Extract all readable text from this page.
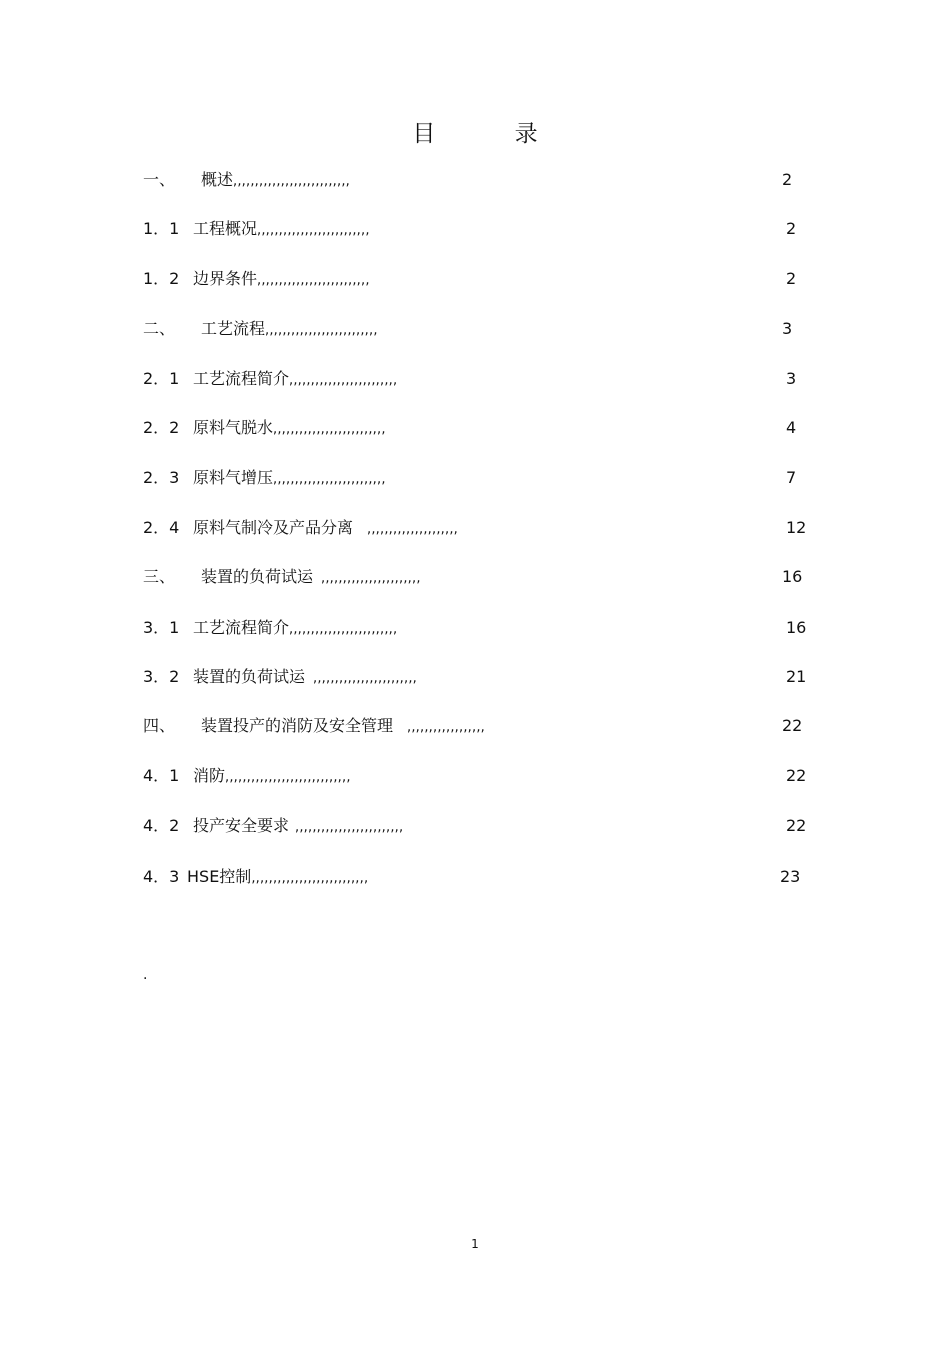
目 录
一、 概述,,,,,,,,,,,,,,,,,,,,,,,,,,,	2
1．1 工程概况,,,,,,,,,,,,,,,,,,,,,,,,,,	2
1．2 边界条件,,,,,,,,,,,,,,,,,,,,,,,,,,	2
二、 工艺流程,,,,,,,,,,,,,,,,,,,,,,,,,,	3
2．1 工艺流程简介,,,,,,,,,,,,,,,,,,,,,,,,,	3
2．2 原料气脱水,,,,,,,,,,,,,,,,,,,,,,,,,,	4
2．3 原料气增压,,,,,,,,,,,,,,,,,,,,,,,,,,	7
2．4 原料气制冷及产品分离 ,,,,,,,,,,,,,,,,,,,,,	12
三、 装置的负荷试运 ,,,,,,,,,,,,,,,,,,,,,,,	16
3．1 工艺流程简介,,,,,,,,,,,,,,,,,,,,,,,,,	16
3．2 装置的负荷试运 ,,,,,,,,,,,,,,,,,,,,,,,,	21
四、 装置投产的消防及安全管理 ,,,,,,,,,,,,,,,,,,	22
4．1 消防,,,,,,,,,,,,,,,,,,,,,,,,,,,,,	22
4．2 投产安全要求 ,,,,,,,,,,,,,,,,,,,,,,,,,	22
4．3 HSE控制,,,,,,,,,,,,,,,,,,,,,,,,,,,	23
.
1
